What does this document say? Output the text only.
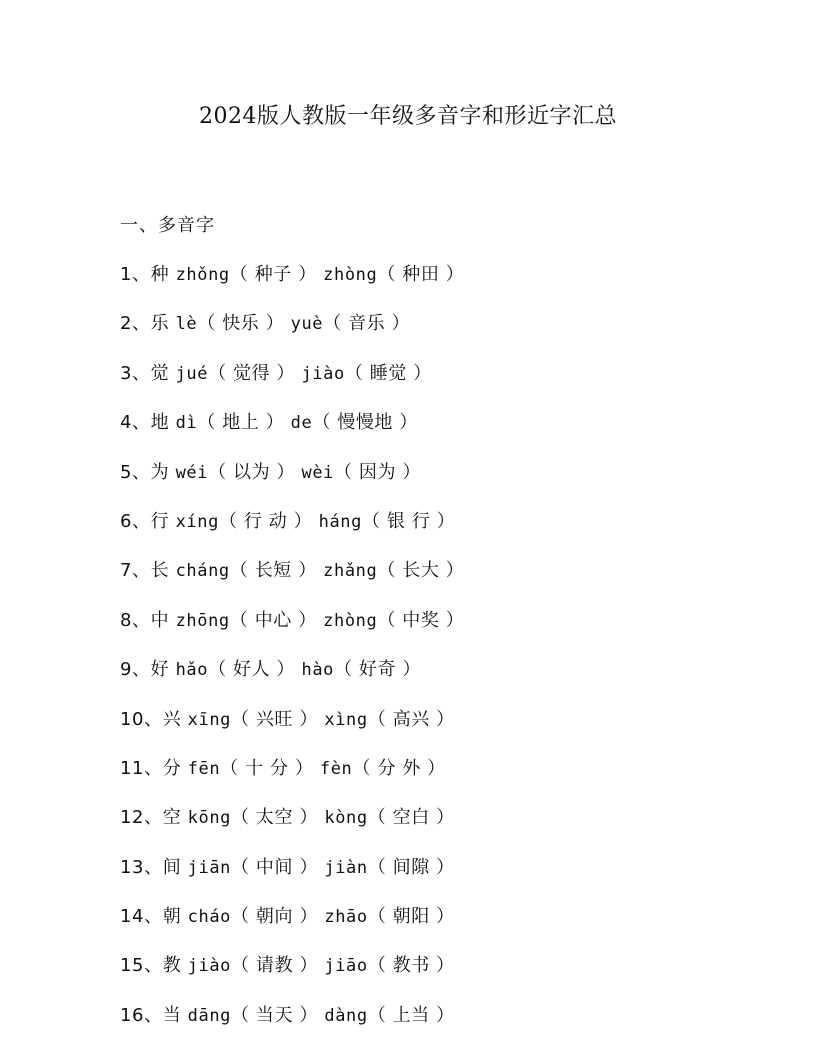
2024版人教版一年级多音字和形近字汇总
一、多音字
1、种 zhǒng（ 种子 ） zhòng（ 种田 ）
2、乐 lè（ 快乐 ） yuè（ 音乐 ）
3、觉 jué（ 觉得 ） jiào（ 睡觉 ）
4、地 dì（ 地上 ） de（ 慢慢地 ）
5、为 wéi（ 以为 ） wèi（ 因为 ）
6、行 xíng（ 行 动 ） háng（ 银 行 ）
7、长 cháng（ 长短 ） zhǎng（ 长大 ）
8、中 zhōng（ 中心 ） zhòng（ 中奖 ）
9、好 hǎo（ 好人 ） hào（ 好奇 ）
10、兴 xīng（ 兴旺 ） xìng（ 高兴 ）
11、分 fēn（ 十 分 ） fèn（ 分 外 ）
12、空 kōng（ 太空 ） kòng（ 空白 ）
13、间 jiān（ 中间 ） jiàn（ 间隙 ）
14、朝 cháo（ 朝向 ） zhāo（ 朝阳 ）
15、教 jiào（ 请教 ） jiāo（ 教书 ）
16、当 dāng（ 当天 ） dàng（ 上当 ）
